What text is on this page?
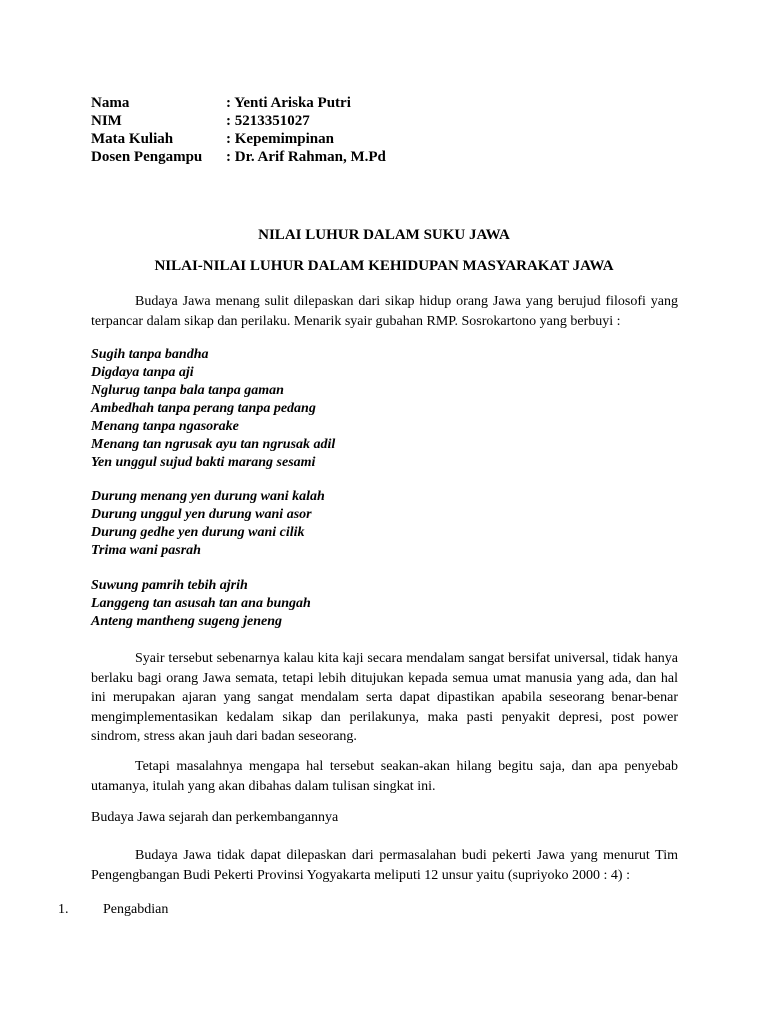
Nama	: Yenti Ariska Putri
NIM	: 5213351027
Mata Kuliah	: Kepemimpinan
Dosen Pengampu	: Dr. Arif Rahman, M.Pd
NILAI LUHUR DALAM SUKU JAWA
NILAI-NILAI LUHUR DALAM KEHIDUPAN MASYARAKAT JAWA
Budaya Jawa menang sulit dilepaskan dari sikap hidup orang Jawa yang berujud filosofi yang terpancar dalam sikap dan perilaku. Menarik syair gubahan RMP. Sosrokartono yang berbuyi :
Sugih tanpa bandha
Digdaya tanpa aji
Nglurug tanpa bala tanpa gaman
Ambedhah tanpa perang tanpa pedang
Menang tanpa ngasorake
Menang tan ngrusak ayu tan ngrusak adil
Yen unggul sujud bakti marang sesami
Durung menang yen durung wani kalah
Durung unggul yen durung wani asor
Durung gedhe yen durung wani cilik
Trima wani pasrah
Suwung pamrih tebih ajrih
Langgeng tan asusah tan ana bungah
Anteng mantheng sugeng jeneng
Syair tersebut sebenarnya kalau kita kaji secara mendalam sangat bersifat universal, tidak hanya berlaku bagi orang Jawa semata, tetapi lebih ditujukan kepada semua umat manusia yang ada, dan hal ini merupakan ajaran yang sangat mendalam serta dapat dipastikan apabila seseorang benar-benar mengimplementasikan kedalam sikap dan perilakunya, maka pasti penyakit depresi, post power sindrom, stress akan jauh dari badan seseorang.
Tetapi masalahnya mengapa hal tersebut seakan-akan hilang begitu saja, dan apa penyebab utamanya, itulah yang akan dibahas dalam tulisan singkat ini.
Budaya Jawa sejarah dan perkembangannya
Budaya Jawa tidak dapat dilepaskan dari permasalahan budi pekerti Jawa yang menurut Tim Pengengbangan Budi Pekerti Provinsi Yogyakarta meliputi 12 unsur yaitu (supriyoko 2000 : 4) :
1.	Pengabdian
